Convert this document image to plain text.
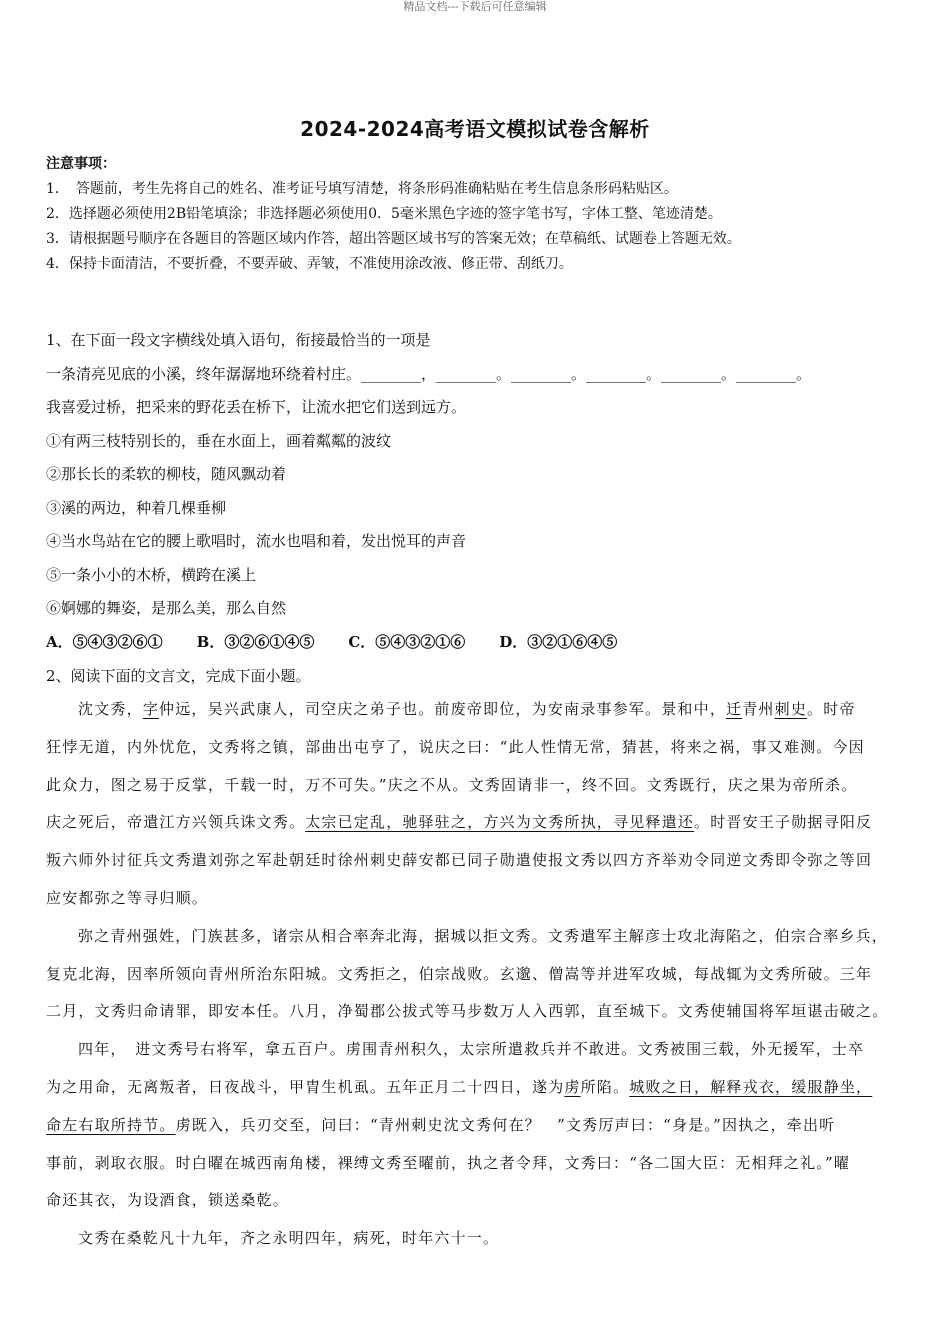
精品文档---下载后可任意编辑
2024-2024高考语文模拟试卷含解析
注意事项：
1．　答题前，考生先将自己的姓名、准考证号填写清楚，将条形码准确粘贴在考生信息条形码粘贴区。
2．选择题必须使用2B铅笔填涂；非选择题必须使用0．5毫米黑色字迹的签字笔书写，字体工整、笔迹清楚。
3．请根据题号顺序在各题目的答题区域内作答，超出答题区域书写的答案无效；在草稿纸、试题卷上答题无效。
4．保持卡面清洁，不要折叠，不要弄破、弄皱，不准使用涂改液、修正带、刮纸刀。
1、在下面一段文字横线处填入语句，衔接最恰当的一项是
一条清亮见底的小溪，终年潺潺地环绕着村庄。________，________。________。________。________。________。
我喜爱过桥，把采来的野花丢在桥下，让流水把它们送到远方。
①有两三枝特别长的，垂在水面上，画着粼粼的波纹
②那长长的柔软的柳枝，随风飘动着
③溪的两边，种着几棵垂柳
④当水鸟站在它的腰上歌唱时，流水也唱和着，发出悦耳的声音
⑤一条小小的木桥，横跨在溪上
⑥婀娜的舞姿，是那么美，那么自然
A．⑤④③②⑥① B．③②⑥①④⑤ C．⑤④③②①⑥ D．③②①⑥④⑤
2、阅读下面的文言文，完成下面小题。
沈文秀，字仲远，吴兴武康人，司空庆之弟子也。前废帝即位，为安南录事参军。景和中，迁青州刺史。时帝
狂悖无道，内外忧危，文秀将之镇，部曲出屯亨了，说庆之曰：“此人性情无常，猜甚，将来之祸，事又难测。今因
此众力，图之易于反掌，千载一时，万不可失。”庆之不从。文秀固请非一，终不回。文秀既行，庆之果为帝所杀。
庆之死后，帝遣江方兴领兵诛文秀。太宗已定乱，驰驿驻之，方兴为文秀所执，寻见释遣还。时晋安王子勋据寻阳反
叛六师外讨征兵文秀遣刘弥之军赴朝廷时徐州刺史薛安都已同子勋遣使报文秀以四方齐举劝令同逆文秀即令弥之等回
应安都弥之等寻归顺。
弥之青州强姓，门族甚多，诸宗从相合率奔北海，据城以拒文秀。文秀遣军主解彦士攻北海陷之，伯宗合率乡兵，
复克北海，因率所领向青州所治东阳城。文秀拒之，伯宗战败。玄邈、僧嵩等并进军攻城，每战辄为文秀所破。三年
二月，文秀归命请罪，即安本任。八月，净蜀郡公拔式等马步数万人入西郭，直至城下。文秀使辅国将军垣谌击破之。
四年，　进文秀号右将军，拿五百户。虏围青州积久，太宗所遣救兵并不敢进。文秀被围三载，外无援军，士卒
为之用命，无离叛者，日夜战斗，甲胄生机虱。五年正月二十四日，遂为虏所陷。城败之日，解释戎衣，缓服静坐，
命左右取所持节。虏既入，兵刃交至，问曰：“青州刺史沈文秀何在？　”文秀厉声曰：“身是。”因执之，牵出听
事前，剥取衣服。时白曜在城西南角楼，裸缚文秀至曜前，执之者令拜，文秀曰：“各二国大臣：无相拜之礼。”曜
命还其衣，为设酒食，锁送桑乾。
文秀在桑乾凡十九年，齐之永明四年，病死，时年六十一。
